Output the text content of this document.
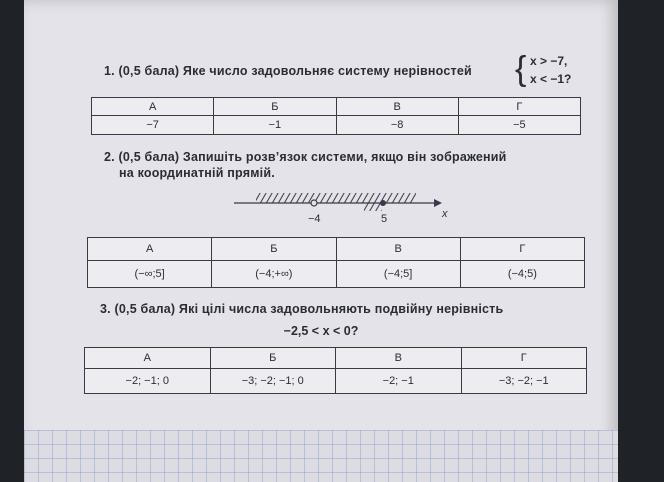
1. (0,5 бала) Яке число задовольняє систему нерівностей { x > −7,
x < −1?
А	Б	В	Г
−7	−1	−8	−5
2. (0,5 бала) Запишіть розв’язок системи, якщо він зображений
на координатній прямій.
−4	5	x
А	Б	В	Г
(−∞;5]	(−4;+∞)	(−4;5]	(−4;5)
3. (0,5 бала) Які цілі числа задовольняють подвійну нерівність
−2,5 < x < 0?
А	Б	В	Г
−2; −1; 0	−3; −2; −1; 0	−2; −1	−3; −2; −1
